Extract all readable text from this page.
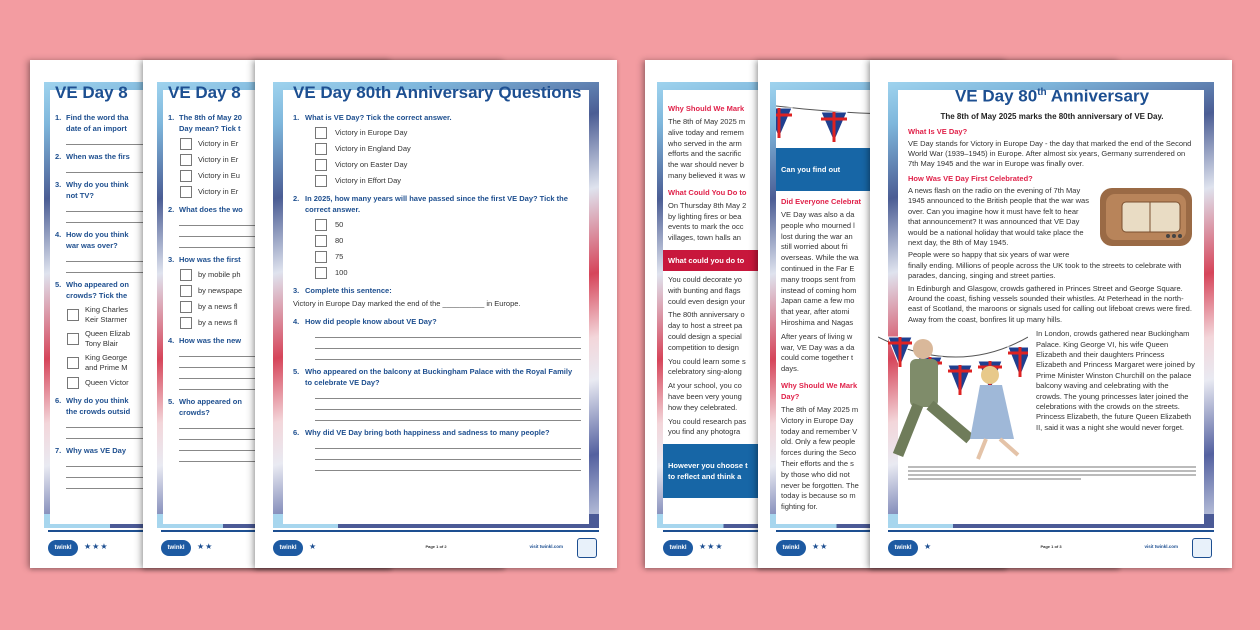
VE Day 8
1. Find the word tha
date of an import
2. When was the firs
3. Why do you think
not TV?
4. How do you think
war was over?
5. Who appeared on
crowds? Tick the
King Charles
Keir Starmer
Queen Elizab
Tony Blair
King George
and Prime M
Queen Victor
6. Why do you think
the crowds outsid
7. Why was VE Day
twinkl	★★★
VE Day 8
1. The 8th of May 20
Day mean? Tick t
Victory in Er
Victory in Er
Victory in Eu
Victory in Er
2. What does the wo
3. How was the first
by mobile ph
by newspape
by a news fl
by a news fl
4. How was the new
5. Who appeared on
crowds?
twinkl	★★
VE Day 80th Anniversary Questions
1. What is VE Day? Tick the correct answer.
Victory in Europe Day
Victory in England Day
Victory on Easter Day
Victory in Effort Day
2. In 2025, how many years will have passed since the first VE Day? Tick the correct answer.
50
80
75
100
3. Complete this sentence:
Victory in Europe Day marked the end of the __________ in Europe.
4. How did people know about VE Day?
5. Who appeared on the balcony at Buckingham Palace with the Royal Family to celebrate VE Day?
6. Why did VE Day bring both happiness and sadness to many people?
twinkl	★	Page 1 of 2	visit twinkl.com
Why Should We Mark
The 8th of May 2025 m
alive today and remem
who served in the arm
efforts and the sacrific
the war should never b
many believed it was w
What Could You Do to
On Thursday 8th May 2
by lighting fires or bea
events to mark the occ
villages, town halls an
What could you do to
You could decorate yo
with bunting and flags
could even design your
The 80th anniversary o
day to host a street pa
could design a special
competition to design
You could learn some s
celebratory sing-along
At your school, you co
have been very young
how they celebrated.
You could research pas
you find any photogra
However you choose t
to reflect and think a
twinkl	★★★
Can you find out
Did Everyone Celebrat
VE Day was also a da
people who mourned l
lost during the war an
still worried about fri
overseas. While the wa
continued in the Far E
many troops sent from
instead of coming hom
Japan came a few mo
that year, after atomi
Hiroshima and Nagas
After years of living w
war, VE Day was a da
could come together t
days.
Why Should We Mark
Day?
The 8th of May 2025 m
Victory in Europe Day
today and remember V
old. Only a few people
forces during the Seco
Their efforts and the s
by those who did not
never be forgotten. The
today is because so m
fighting for.
twinkl	★★
VE Day 80th Anniversary
The 8th of May 2025 marks the 80th anniversary of VE Day.
What Is VE Day?
VE Day stands for Victory in Europe Day - the day that marked the end of the Second World War (1939–1945) in Europe. After almost six years, Germany surrendered on 7th May 1945 and the war in Europe was finally over.
How Was VE Day First Celebrated?
A news flash on the radio on the evening of 7th May 1945 announced to the British people that the war was over. Can you imagine how it must have felt to hear that announcement? It was announced that VE Day would be a national holiday that would take place the next day, the 8th of May 1945.
People were so happy that six years of war were finally ending. Millions of people across the UK took to the streets to celebrate with parades, dancing, singing and street parties.
In Edinburgh and Glasgow, crowds gathered in Princes Street and George Square. Around the coast, fishing vessels sounded their whistles. At Peterhead in the north-east of Scotland, the maroons or signals used for calling out lifeboat crews were fired. Away from the coast, bonfires lit up many hills.
In London, crowds gathered near Buckingham Palace. King George VI, his wife Queen Elizabeth and their daughters Princess Elizabeth and Princess Margaret were joined by Prime Minister Winston Churchill on the palace balcony waving and celebrating with the crowds. The young princesses later joined the celebrations with the crowds on the streets. Princess Elizabeth, the future Queen Elizabeth II, said it was a night she would never forget.
twinkl	★	Page 1 of 3	visit twinkl.com
